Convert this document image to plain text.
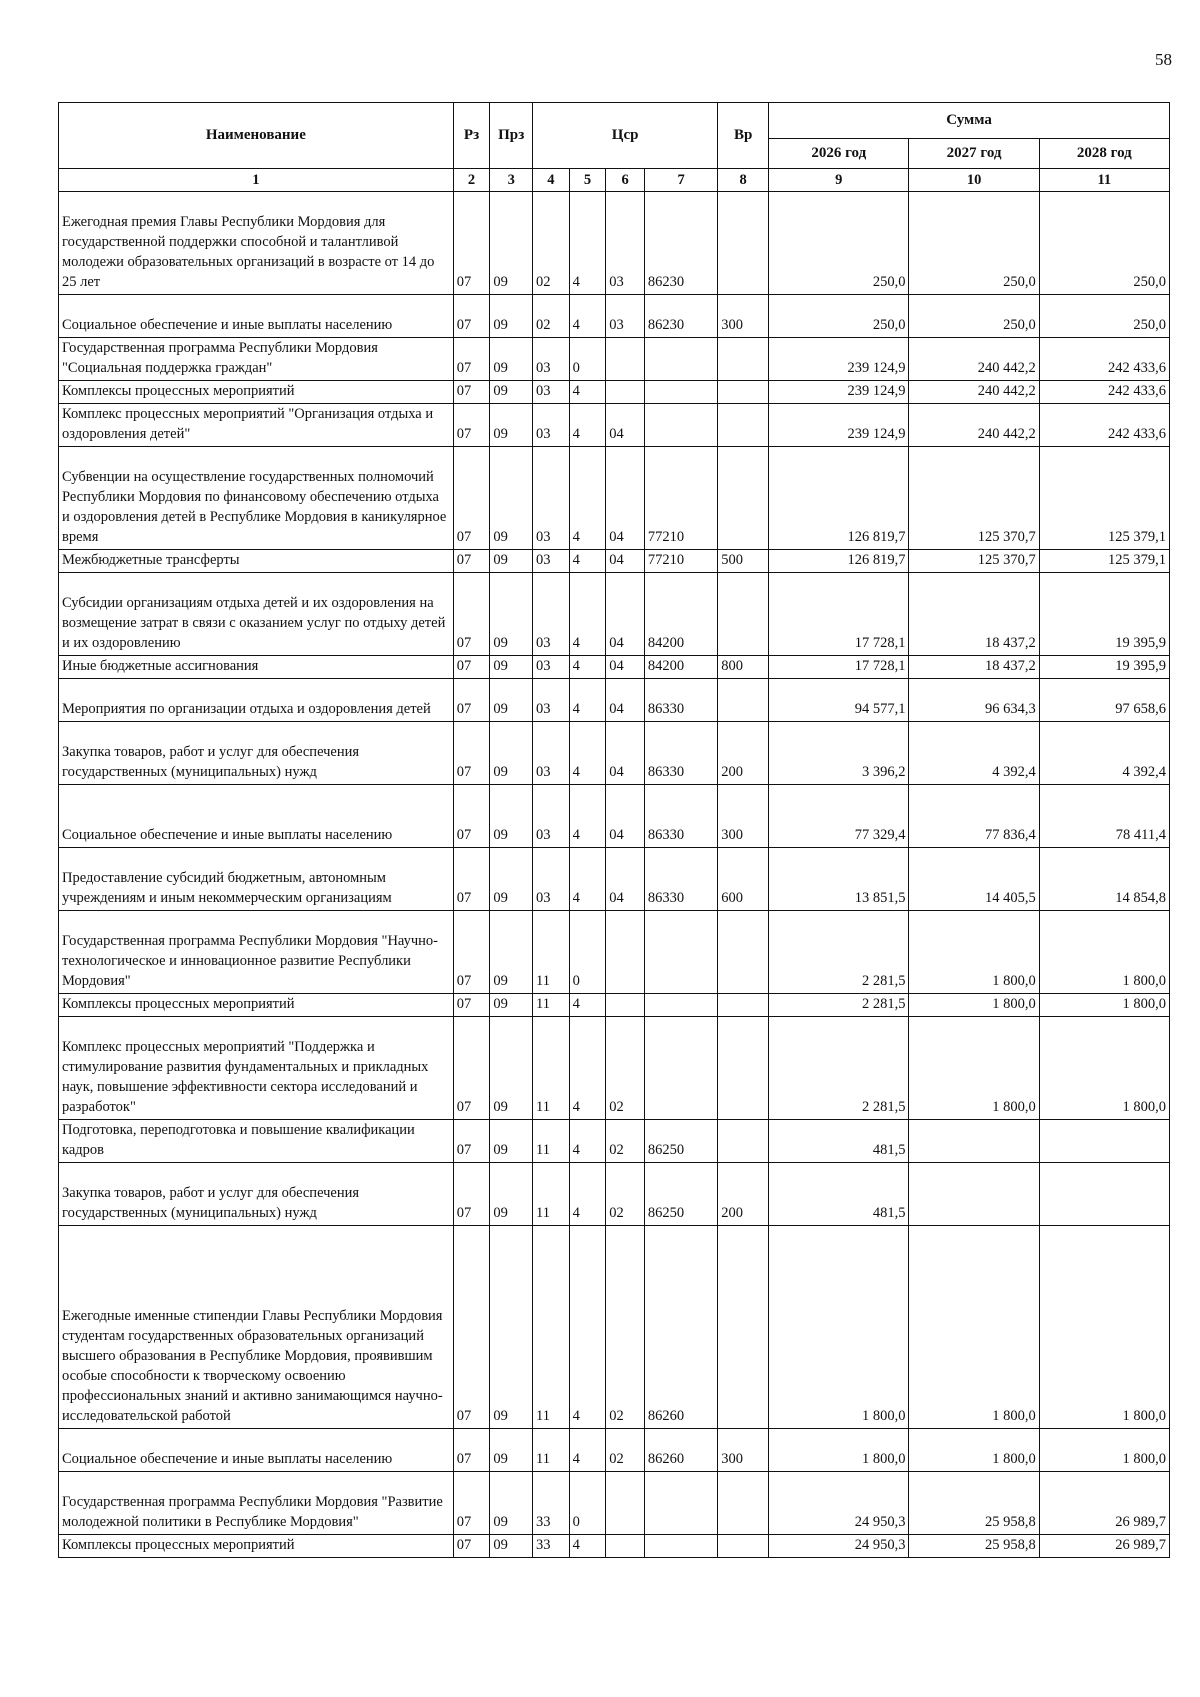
58
Наименование	Рз	Прз	Цср				Вр	Сумма		
								2026 год	2027 год	2028 год
1	2	3	4	5	6	7	8	9	10	11
Ежегодная премия Главы Республики Мордовия для государственной поддержки способной и талантливой молодежи образовательных организаций в возрасте от 14 до 25 лет	07	09	02	4	03	86230		250,0	250,0	250,0
Социальное обеспечение и иные выплаты населению	07	09	02	4	03	86230	300	250,0	250,0	250,0
Государственная программа Республики Мордовия "Социальная поддержка граждан"	07	09	03	0				239 124,9	240 442,2	242 433,6
Комплексы процессных мероприятий	07	09	03	4				239 124,9	240 442,2	242 433,6
Комплекс процессных мероприятий "Организация отдыха и оздоровления детей"	07	09	03	4	04			239 124,9	240 442,2	242 433,6
Субвенции на осуществление государственных полномочий Республики Мордовия по финансовому обеспечению отдыха и оздоровления детей в Республике Мордовия в каникулярное время	07	09	03	4	04	77210		126 819,7	125 370,7	125 379,1
Межбюджетные трансферты	07	09	03	4	04	77210	500	126 819,7	125 370,7	125 379,1
Субсидии организациям отдыха детей и их оздоровления на возмещение затрат в связи с оказанием услуг по отдыху детей и их оздоровлению	07	09	03	4	04	84200		17 728,1	18 437,2	19 395,9
Иные бюджетные ассигнования	07	09	03	4	04	84200	800	17 728,1	18 437,2	19 395,9
Мероприятия по организации отдыха и оздоровления детей	07	09	03	4	04	86330		94 577,1	96 634,3	97 658,6
Закупка товаров, работ и услуг для обеспечения государственных (муниципальных) нужд	07	09	03	4	04	86330	200	3 396,2	4 392,4	4 392,4
Социальное обеспечение и иные выплаты населению	07	09	03	4	04	86330	300	77 329,4	77 836,4	78 411,4
Предоставление субсидий бюджетным, автономным учреждениям и иным некоммерческим организациям	07	09	03	4	04	86330	600	13 851,5	14 405,5	14 854,8
Государственная программа Республики Мордовия "Научно-технологическое и инновационное развитие Республики Мордовия"	07	09	11	0				2 281,5	1 800,0	1 800,0
Комплексы процессных мероприятий	07	09	11	4				2 281,5	1 800,0	1 800,0
Комплекс процессных мероприятий "Поддержка и стимулирование развития фундаментальных и прикладных наук, повышение эффективности сектора исследований и разработок"	07	09	11	4	02			2 281,5	1 800,0	1 800,0
Подготовка, переподготовка и повышение квалификации кадров	07	09	11	4	02	86250		481,5		
Закупка товаров, работ и услуг для обеспечения государственных (муниципальных) нужд	07	09	11	4	02	86250	200	481,5		
Ежегодные именные стипендии Главы Республики Мордовия студентам государственных образовательных организаций высшего образования в Республике Мордовия, проявившим особые способности к творческому освоению профессиональных знаний и активно занимающимся научно-исследовательской работой	07	09	11	4	02	86260		1 800,0	1 800,0	1 800,0
Социальное обеспечение и иные выплаты населению	07	09	11	4	02	86260	300	1 800,0	1 800,0	1 800,0
Государственная программа Республики Мордовия "Развитие молодежной политики в Республике Мордовия"	07	09	33	0				24 950,3	25 958,8	26 989,7
Комплексы процессных мероприятий	07	09	33	4				24 950,3	25 958,8	26 989,7
